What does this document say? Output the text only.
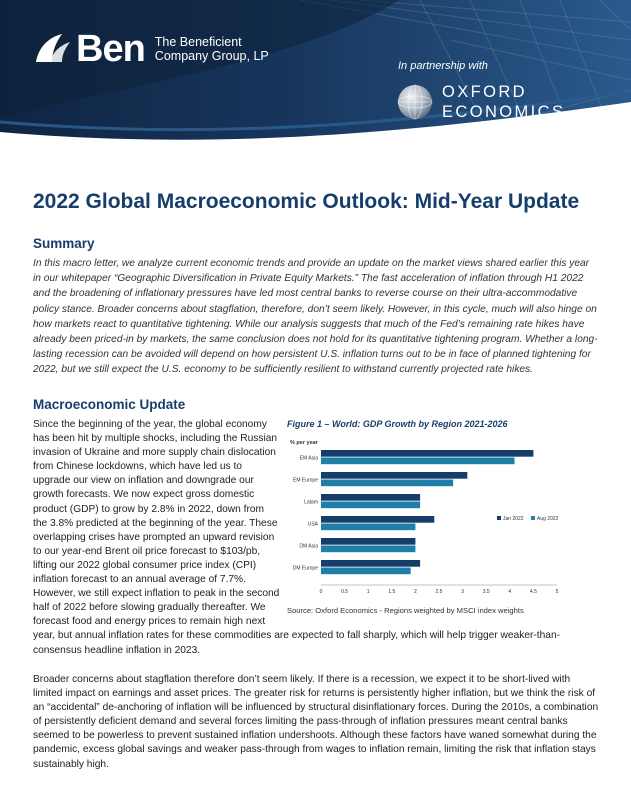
Ben The Beneficient
Company Group, LP
In partnership with
OXFORD
ECONOMICS
2022 Global Macroeconomic Outlook: Mid-Year Update
Summary

In this macro letter, we analyze current economic trends and provide an update on the market views shared earlier this year in our whitepaper “Geographic Diversification in Private Equity Markets.” The fast acceleration of inflation through H1 2022 and the broadening of inflationary pressures have led most central banks to reverse course on their ultra-accommodative policy stance. Broader concerns about stagflation, therefore, don’t seem likely. However, in this cycle, much will also hinge on how markets react to quantitative tightening. While our analysis suggests that much of the Fed’s remaining rate hikes have already been priced-in by markets, the same conclusion does not hold for its quantitative tightening program. Whether a long-lasting recession can be avoided will depend on how persistent U.S. inflation turns out to be in face of planned tightening for 2022, but we still expect the U.S. economy to be sufficiently resilient to withstand currently projected rate hikes.

Macroeconomic Update

Since the beginning of the year, the global economy has been hit by multiple shocks, including the Russian invasion of Ukraine and more supply chain dislocation from Chinese lockdowns, which have led us to upgrade our view on inflation and downgrade our growth forecasts. We now expect gross domestic product (GDP) to grow by 2.8% in 2022, down from the 3.8% predicted at the beginning of the year. These overlapping crises have prompted an upward revision to our year-end Brent oil price forecast to $103/pb, lifting our 2022 global consumer price index (CPI) inflation forecast to an annual average of 7.7%. However, we still expect inflation to peak in the second half of 2022 before slowing gradually thereafter. We forecast food and energy prices to remain high next year, but annual inflation rates for these commodities are expected to fall sharply, which will help trigger weaker-than-consensus headline inflation in 2023.

Figure 1 – World: GDP Growth by Region 2021-2026
% per year
EM Asia
EM Europe
Latam
USA
DM Asia
DM Europe
0	0.5	1	1.5	2	2.5	3	3.5	4	4.5	5
Jan 2022	Aug 2022
Source: Oxford Economics - Regions weighted by MSCI index weights

Broader concerns about stagflation therefore don’t seem likely. If there is a recession, we expect it to be short-lived with limited impact on earnings and asset prices. The greater risk for returns is persistently higher inflation, but we think the risk of an “accidental” de-anchoring of inflation will be influenced by structural disinflationary forces. During the 2010s, a combination of persistently deficient demand and several forces limiting the pass-through of inflation pressures meant central banks seemed to be powerless to prevent sustained inflation undershoots. Although these factors have waned somewhat during the pandemic, excess global savings and weaker pass-through from wages to inflation remain, limiting the risk that inflation stays sustainably high.
